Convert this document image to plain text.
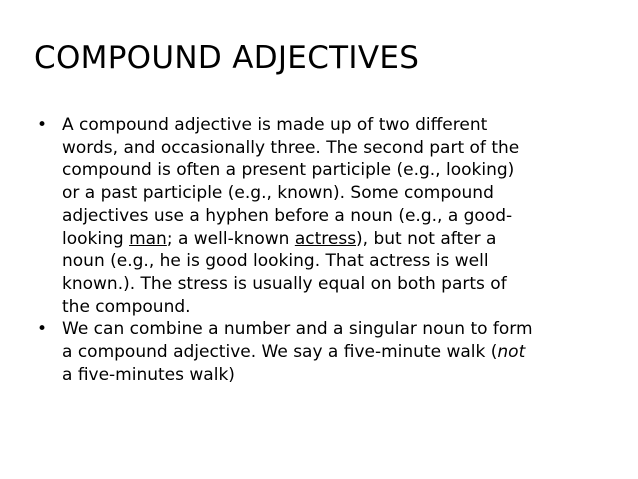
COMPOUND ADJECTIVES
• A compound adjective is made up of two different
words, and occasionally three. The second part of the
compound is often a present participle (e.g., looking)
or a past participle (e.g., known). Some compound
adjectives use a hyphen before a noun (e.g., a good-
looking man; a well-known actress), but not after a
noun (e.g., he is good looking. That actress is well
known.). The stress is usually equal on both parts of
the compound.
• We can combine a number and a singular noun to form
a compound adjective. We say a five-minute walk (not
a five-minutes walk)
